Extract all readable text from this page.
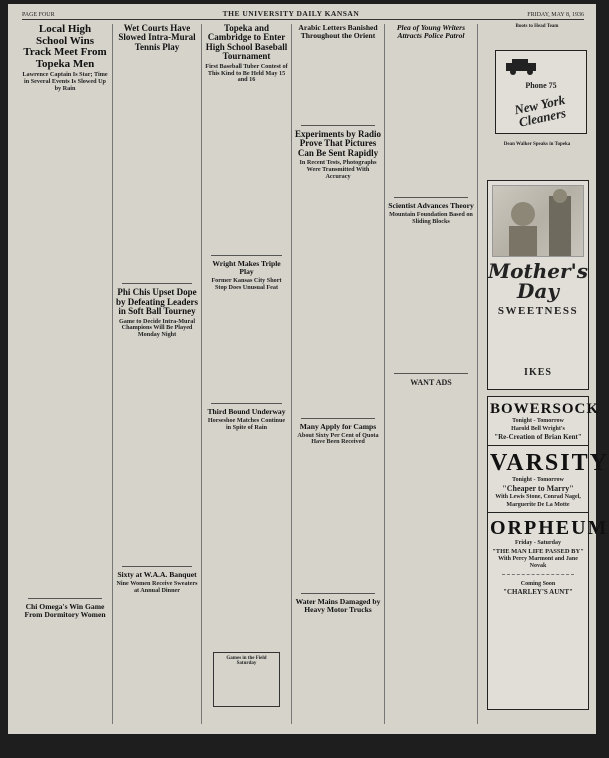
PAGE FOUR	THE UNIVERSITY DAILY KANSAN	FRIDAY, MAY 8, 1936
Local High School Wins Track Meet From Topeka Men
Lawrence Captain Is Star; Time in Several Events Is Slowed Up by Rain

Chi Omega's Win Game From Dormitory Women

Wet Courts Have Slowed Intra-Mural Tennis Play

Phi Chis Upset Dope by Defeating Leaders in Soft Ball Tourney
Game to Decide Intra-Mural Champions Will Be Played Monday Night

Sixty at W.A.A. Banquet
Nine Women Receive Sweaters at Annual Dinner

Topeka and Cambridge to Enter High School Baseball Tournament
First Baseball Tuber Contest of This Kind to Be Held May 15 and 16

Wright Makes Triple Play
Former Kansas City Short Stop Does Unusual Feat

Third Bound Underway
Horseshoe Matches Continue in Spite of Rain

Games in the Field Saturday

Arabic Letters Banished Throughout the Orient

Experiments by Radio Prove That Pictures Can Be Sent Rapidly
In Recent Tests, Photographs Were Transmitted With Accuracy

Many Apply for Camps
About Sixty Per Cent of Quota Have Been Received

Water Mains Damaged by Heavy Motor Trucks

Plea of Young Writers Attracts Police Patrol

Scientist Advances Theory
Mountain Foundation Based on Sliding Blocks

WANT ADS

Boots to Head Team

Dean Walker Speaks in Topeka

Phone 75
New York Cleaners
Mother's Day
SWEETNESS

IKES
BOWERSOCK
Tonight - Tomorrow
Harold Bell Wright's
"Re-Creation of Brian Kent"
VARSITY
Tonight - Tomorrow
"Cheaper to Marry"
With Lewis Stone, Conrad Nagel,
Marguerite De La Motte
ORPHEUM
Friday - Saturday
"THE MAN LIFE PASSED BY"
With Percy Marmont and Jane Novak
Coming Soon
"CHARLEY'S AUNT"
